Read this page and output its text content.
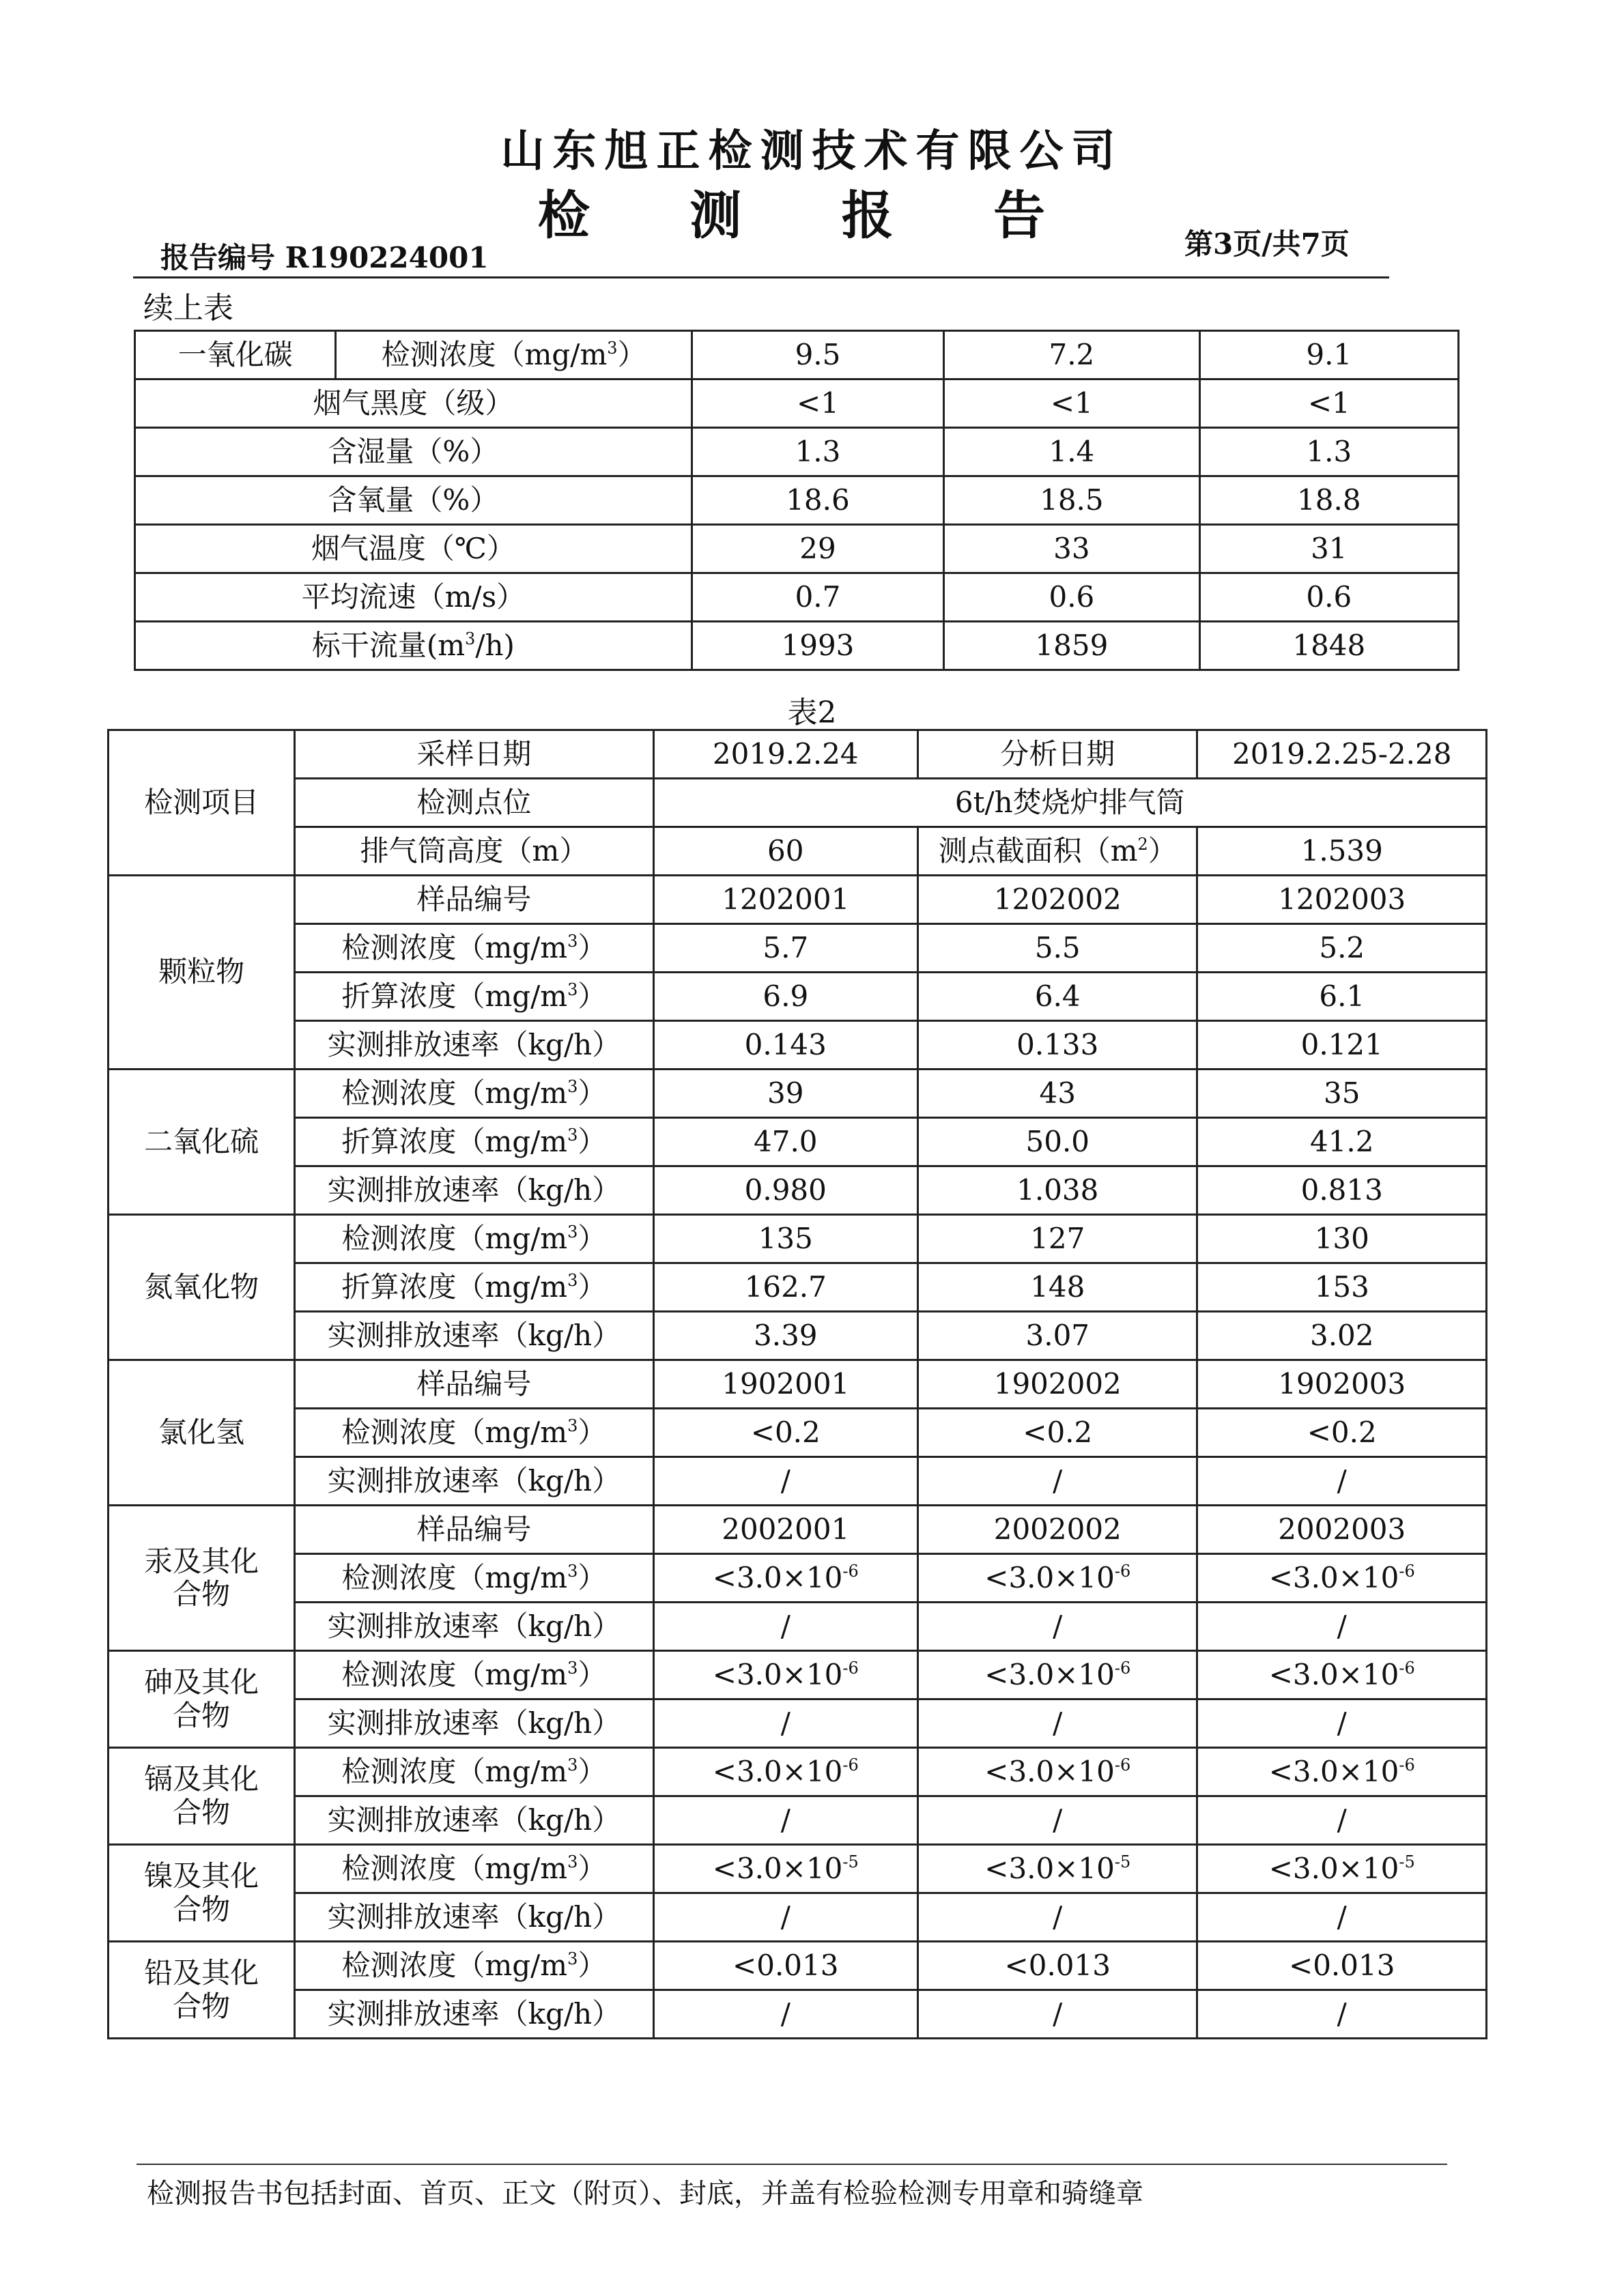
山东旭正检测技术有限公司
检 测 报 告
报告编号 R190224001	第3页/共7页
续上表
一氧化碳	检测浓度$(mg/m^3)$	9.5	7.2	9.1
烟气黑度（级）		<1	<1	<1
含湿量（%）		1.3	1.4	1.3
含氧量（%）		18.6	18.5	18.8
烟气温度（℃）		29	33	31
平均流速（m/s）		0.7	0.6	0.6
标干流量$(m^3/h)$		1993	1859	1848
表2
检测项目	采样日期	2019.2.24	分析日期	2019.2.25-2.28
	检测点位	6t/h焚烧炉排气筒		
	排气筒高度（m）	60	测点截面积$(m^2)$	1.539
颗粒物	样品编号	1202001	1202002	1202003
	检测浓度$(mg/m^3)$	5.7	5.5	5.2
	折算浓度$(mg/m^3)$	6.9	6.4	6.1
	实测排放速率（kg/h）	0.143	0.133	0.121
二氧化硫	检测浓度$(mg/m^3)$	39	43	35
	折算浓度$(mg/m^3)$	47.0	50.0	41.2
	实测排放速率（kg/h）	0.980	1.038	0.813
氮氧化物	检测浓度$(mg/m^3)$	135	127	130
	折算浓度$(mg/m^3)$	162.7	148	153
	实测排放速率（kg/h）	3.39	3.07	3.02
氯化氢	样品编号	1902001	1902002	1902003
	检测浓度$(mg/m^3)$	<0.2	<0.2	<0.2
	实测排放速率（kg/h）	/	/	/
汞及其化
合物	样品编号	2002001	2002002	2002003
	检测浓度$(mg/m^3)$	$<3.0\times 10^{-6}$	$<3.0\times 10^{-6}$	$<3.0\times 10^{-6}$
	实测排放速率（kg/h）	/	/	/
砷及其化
合物	检测浓度$(mg/m^3)$	$<3.0\times 10^{-6}$	$<3.0\times 10^{-6}$	$<3.0\times 10^{-6}$
	实测排放速率（kg/h）	/	/	/
镉及其化
合物	检测浓度$(mg/m^3)$	$<3.0\times 10^{-6}$	$<3.0\times 10^{-6}$	$<3.0\times 10^{-6}$
	实测排放速率（kg/h）	/	/	/
镍及其化
合物	检测浓度$(mg/m^3)$	$<3.0\times 10^{-5}$	$<3.0\times 10^{-5}$	$<3.0\times 10^{-5}$
	实测排放速率（kg/h）	/	/	/
铅及其化
合物	检测浓度$(mg/m^3)$	<0.013	<0.013	<0.013
	实测排放速率（kg/h）	/	/	/
检测报告书包括封面、首页、正文（附页）、封底，并盖有检验检测专用章和骑缝章
